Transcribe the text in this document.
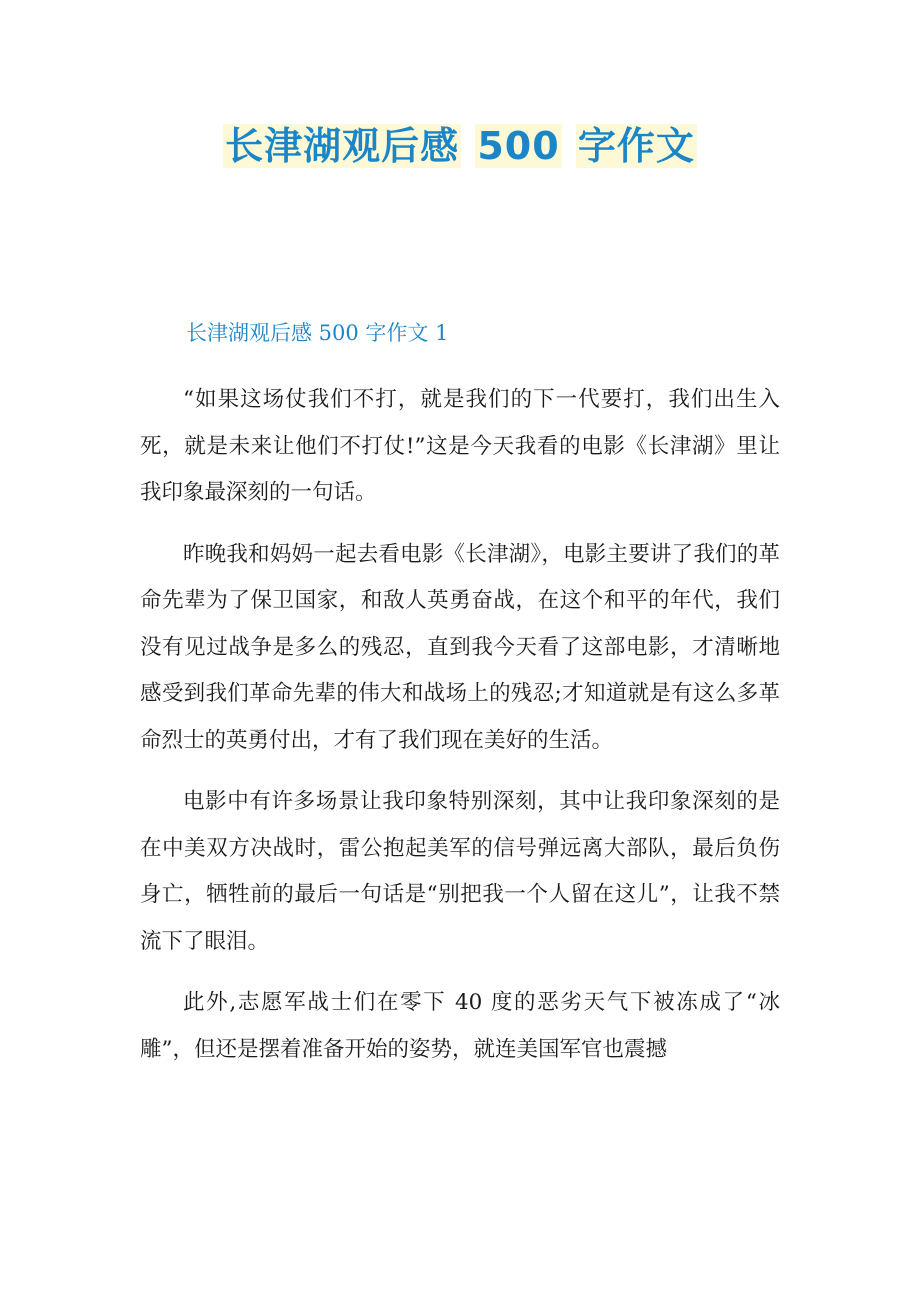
长津湖观后感 500 字作文
长津湖观后感 500 字作文 1

“如果这场仗我们不打，就是我们的下一代要打，我们出生入死，就是未来让他们不打仗!”这是今天我看的电影《长津湖》里让我印象最深刻的一句话。

昨晚我和妈妈一起去看电影《长津湖》，电影主要讲了我们的革命先辈为了保卫国家，和敌人英勇奋战，在这个和平的年代，我们没有见过战争是多么的残忍，直到我今天看了这部电影，才清晰地感受到我们革命先辈的伟大和战场上的残忍;才知道就是有这么多革命烈士的英勇付出，才有了我们现在美好的生活。

电影中有许多场景让我印象特别深刻，其中让我印象深刻的是在中美双方决战时，雷公抱起美军的信号弹远离大部队，最后负伤身亡，牺牲前的最后一句话是“别把我一个人留在这儿”，让我不禁流下了眼泪。

此外,志愿军战士们在零下 40 度的恶劣天气下被冻成了“冰雕”，但还是摆着准备开始的姿势，就连美国军官也震撼
